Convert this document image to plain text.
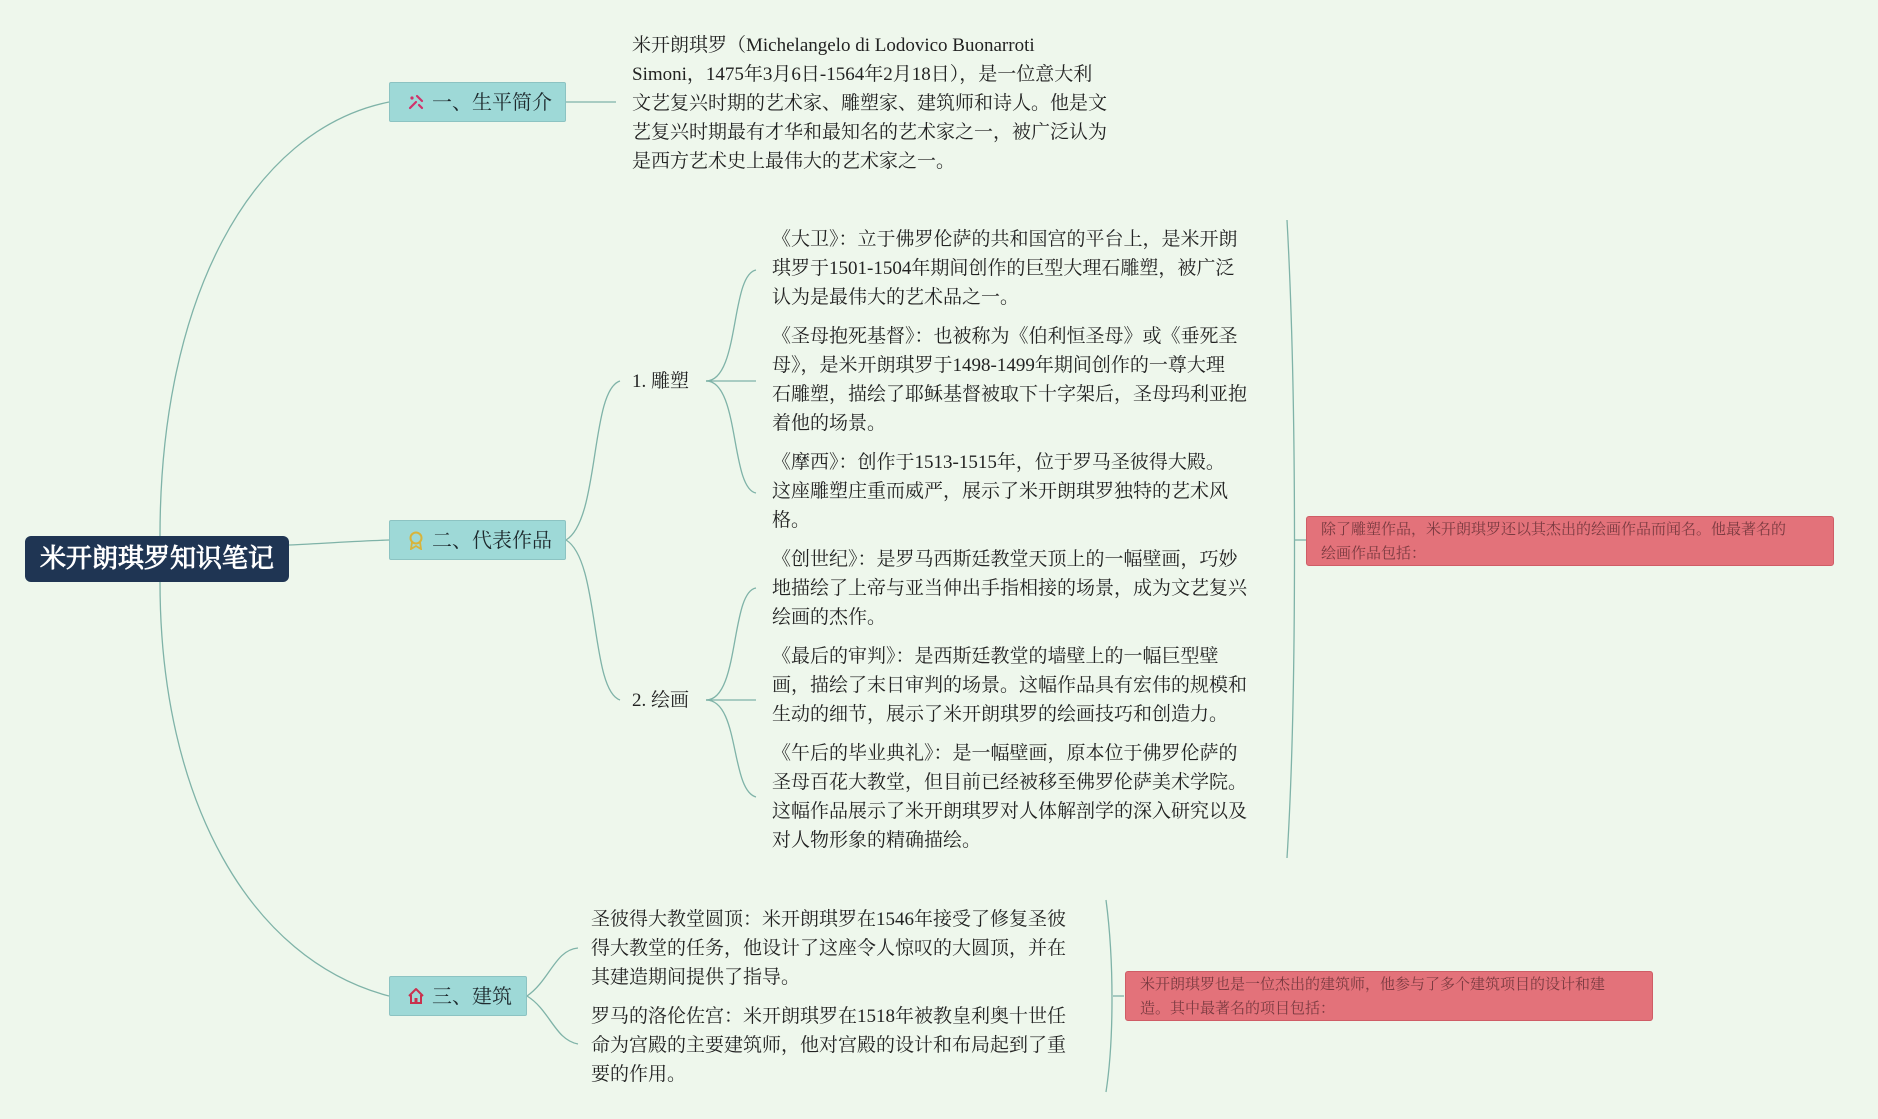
米开朗琪罗知识笔记
一、生平简介
二、代表作品
三、建筑
米开朗琪罗（Michelangelo di Lodovico Buonarroti
Simoni，1475年3月6日-1564年2月18日），是一位意大利
文艺复兴时期的艺术家、雕塑家、建筑师和诗人。他是文
艺复兴时期最有才华和最知名的艺术家之一，被广泛认为
是西方艺术史上最伟大的艺术家之一。
1. 雕塑
2. 绘画
《大卫》：立于佛罗伦萨的共和国宫的平台上，是米开朗
琪罗于1501-1504年期间创作的巨型大理石雕塑，被广泛
认为是最伟大的艺术品之一。
《圣母抱死基督》：也被称为《伯利恒圣母》或《垂死圣
母》，是米开朗琪罗于1498-1499年期间创作的一尊大理
石雕塑，描绘了耶稣基督被取下十字架后，圣母玛利亚抱
着他的场景。
《摩西》：创作于1513-1515年，位于罗马圣彼得大殿。
这座雕塑庄重而威严，展示了米开朗琪罗独特的艺术风
格。
《创世纪》：是罗马西斯廷教堂天顶上的一幅壁画，巧妙
地描绘了上帝与亚当伸出手指相接的场景，成为文艺复兴
绘画的杰作。
《最后的审判》：是西斯廷教堂的墙壁上的一幅巨型壁
画，描绘了末日审判的场景。这幅作品具有宏伟的规模和
生动的细节，展示了米开朗琪罗的绘画技巧和创造力。
《午后的毕业典礼》：是一幅壁画，原本位于佛罗伦萨的
圣母百花大教堂，但目前已经被移至佛罗伦萨美术学院。
这幅作品展示了米开朗琪罗对人体解剖学的深入研究以及
对人物形象的精确描绘。
除了雕塑作品，米开朗琪罗还以其杰出的绘画作品而闻名。他最著名的
绘画作品包括：
圣彼得大教堂圆顶：米开朗琪罗在1546年接受了修复圣彼
得大教堂的任务，他设计了这座令人惊叹的大圆顶，并在
其建造期间提供了指导。
罗马的洛伦佐宫：米开朗琪罗在1518年被教皇利奥十世任
命为宫殿的主要建筑师，他对宫殿的设计和布局起到了重
要的作用。
米开朗琪罗也是一位杰出的建筑师，他参与了多个建筑项目的设计和建
造。其中最著名的项目包括：
